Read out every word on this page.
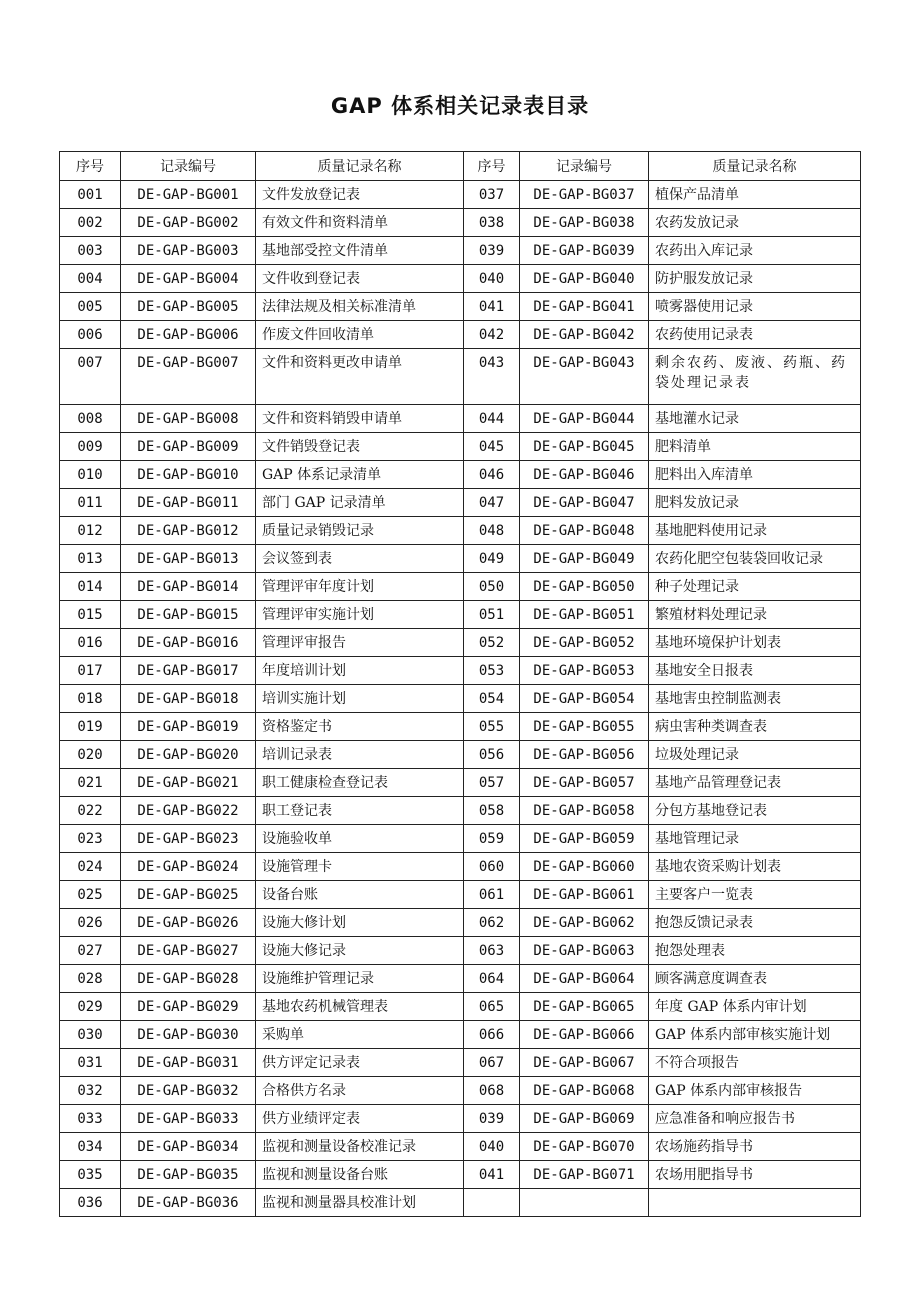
GAP 体系相关记录表目录
序号	记录编号	质量记录名称	序号	记录编号	质量记录名称
001	DE-GAP-BG001	文件发放登记表	037	DE-GAP-BG037	植保产品清单
002	DE-GAP-BG002	有效文件和资料清单	038	DE-GAP-BG038	农药发放记录
003	DE-GAP-BG003	基地部受控文件清单	039	DE-GAP-BG039	农药出入库记录
004	DE-GAP-BG004	文件收到登记表	040	DE-GAP-BG040	防护服发放记录
005	DE-GAP-BG005	法律法规及相关标准清单	041	DE-GAP-BG041	喷雾器使用记录
006	DE-GAP-BG006	作废文件回收清单	042	DE-GAP-BG042	农药使用记录表
007	DE-GAP-BG007	文件和资料更改申请单	043	DE-GAP-BG043	剩余农药、废液、药瓶、药袋处理记录表
008	DE-GAP-BG008	文件和资料销毁申请单	044	DE-GAP-BG044	基地灌水记录
009	DE-GAP-BG009	文件销毁登记表	045	DE-GAP-BG045	肥料清单
010	DE-GAP-BG010	GAP 体系记录清单	046	DE-GAP-BG046	肥料出入库清单
011	DE-GAP-BG011	部门 GAP 记录清单	047	DE-GAP-BG047	肥料发放记录
012	DE-GAP-BG012	质量记录销毁记录	048	DE-GAP-BG048	基地肥料使用记录
013	DE-GAP-BG013	会议签到表	049	DE-GAP-BG049	农药化肥空包装袋回收记录
014	DE-GAP-BG014	管理评审年度计划	050	DE-GAP-BG050	种子处理记录
015	DE-GAP-BG015	管理评审实施计划	051	DE-GAP-BG051	繁殖材料处理记录
016	DE-GAP-BG016	管理评审报告	052	DE-GAP-BG052	基地环境保护计划表
017	DE-GAP-BG017	年度培训计划	053	DE-GAP-BG053	基地安全日报表
018	DE-GAP-BG018	培训实施计划	054	DE-GAP-BG054	基地害虫控制监测表
019	DE-GAP-BG019	资格鉴定书	055	DE-GAP-BG055	病虫害种类调查表
020	DE-GAP-BG020	培训记录表	056	DE-GAP-BG056	垃圾处理记录
021	DE-GAP-BG021	职工健康检查登记表	057	DE-GAP-BG057	基地产品管理登记表
022	DE-GAP-BG022	职工登记表	058	DE-GAP-BG058	分包方基地登记表
023	DE-GAP-BG023	设施验收单	059	DE-GAP-BG059	基地管理记录
024	DE-GAP-BG024	设施管理卡	060	DE-GAP-BG060	基地农资采购计划表
025	DE-GAP-BG025	设备台账	061	DE-GAP-BG061	主要客户一览表
026	DE-GAP-BG026	设施大修计划	062	DE-GAP-BG062	抱怨反馈记录表
027	DE-GAP-BG027	设施大修记录	063	DE-GAP-BG063	抱怨处理表
028	DE-GAP-BG028	设施维护管理记录	064	DE-GAP-BG064	顾客满意度调查表
029	DE-GAP-BG029	基地农药机械管理表	065	DE-GAP-BG065	年度 GAP 体系内审计划
030	DE-GAP-BG030	采购单	066	DE-GAP-BG066	GAP 体系内部审核实施计划
031	DE-GAP-BG031	供方评定记录表	067	DE-GAP-BG067	不符合项报告
032	DE-GAP-BG032	合格供方名录	068	DE-GAP-BG068	GAP 体系内部审核报告
033	DE-GAP-BG033	供方业绩评定表	039	DE-GAP-BG069	应急准备和响应报告书
034	DE-GAP-BG034	监视和测量设备校准记录	040	DE-GAP-BG070	农场施药指导书
035	DE-GAP-BG035	监视和测量设备台账	041	DE-GAP-BG071	农场用肥指导书
036	DE-GAP-BG036	监视和测量器具校准计划			
